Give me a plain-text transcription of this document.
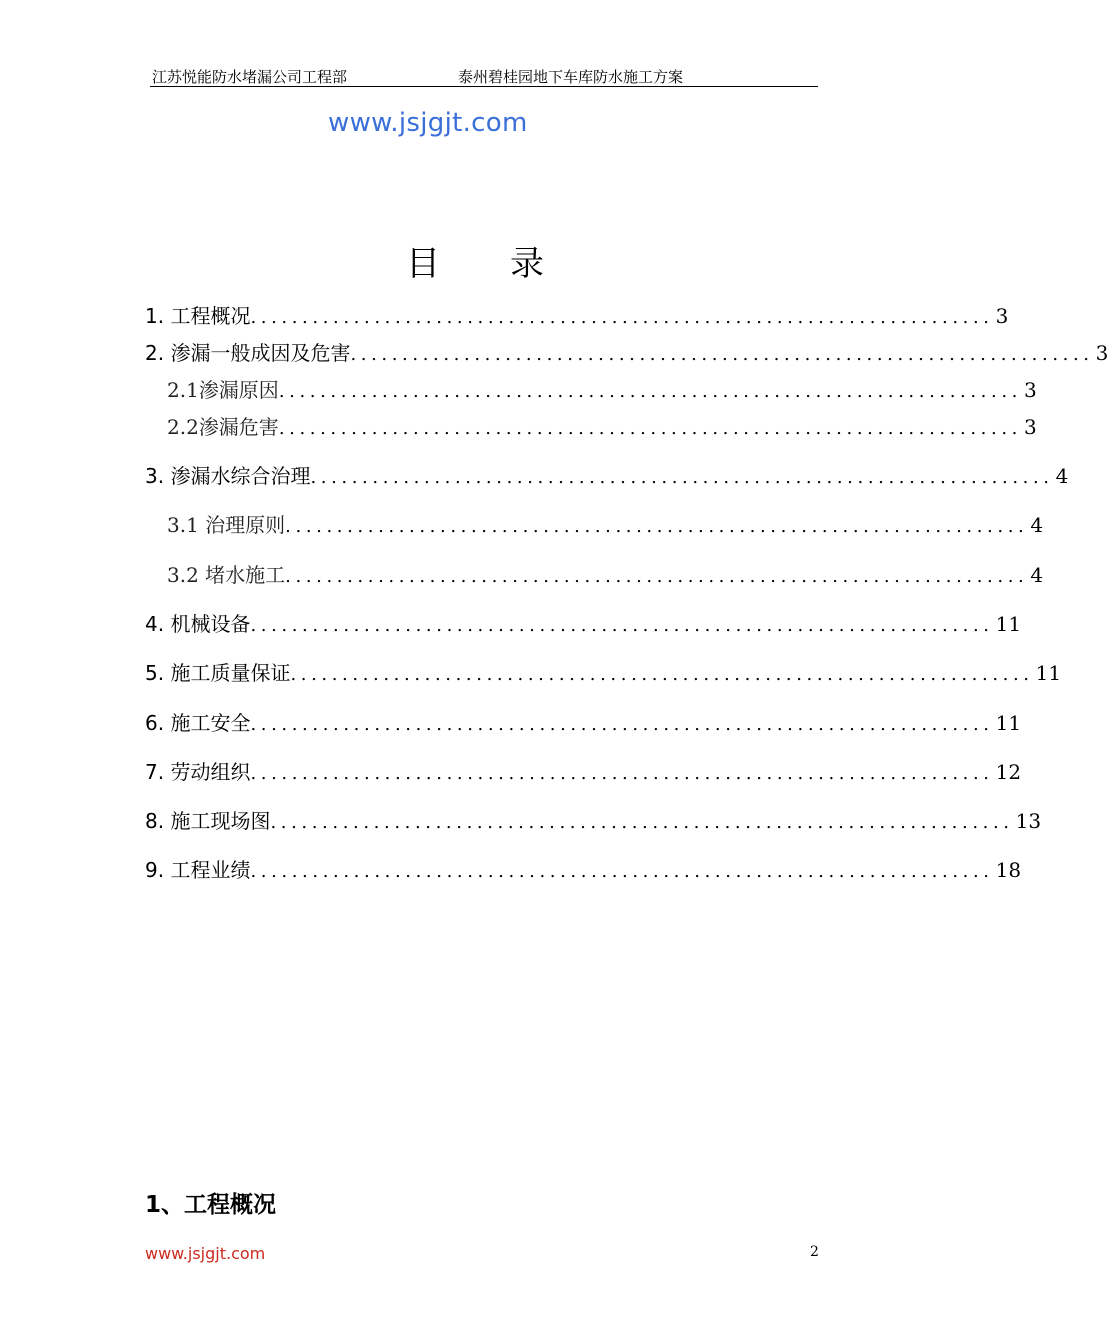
江苏悦能防水堵漏公司工程部	泰州碧桂园地下车库防水施工方案
www.jsjgjt.com
目录
1. 工程概况 ........................................................................ 3
2. 渗漏一般成因及危害 ........................................................................ 3
2.1渗漏原因 ........................................................................ 3
2.2渗漏危害 ........................................................................ 3
3. 渗漏水综合治理 ........................................................................ 4
3.1 治理原则 ........................................................................ 4
3.2 堵水施工 ........................................................................ 4
4. 机械设备 ........................................................................ 11
5. 施工质量保证 ........................................................................ 11
6. 施工安全 ........................................................................ 11
7. 劳动组织 ........................................................................ 12
8. 施工现场图 ........................................................................ 13
9. 工程业绩 ........................................................................ 18
1、工程概况
www.jsjgjt.com	2
